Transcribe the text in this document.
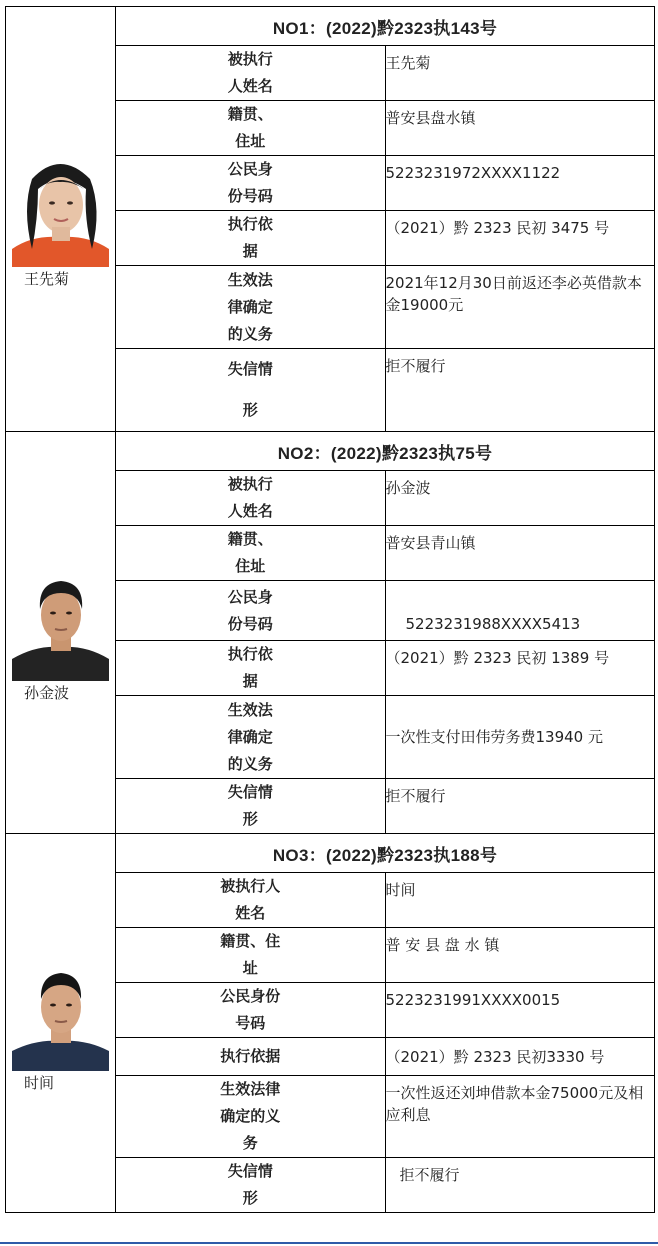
王先菊	NO1：(2022)黔2323执143号	
	被执行
人姓名	王先菊
	籍贯、
住址	普安县盘水镇
	公民身
份号码	5223231972XXXX1122
	执行依
据	（2021）黔 2323 民初 3475 号
	生效法
律确定
的义务	2021年12月30日前返还李必英借款本金19000元
	失信情
形	拒不履行

孙金波	NO2：(2022)黔2323执75号	
	被执行
人姓名	孙金波
	籍贯、
住址	普安县青山镇
	公民身
份号码	5223231988XXXX5413
	执行依
据	（2021）黔 2323 民初 1389 号
	生效法
律确定
的义务	一次性支付田伟劳务费13940 元
	失信情
形	拒不履行

时间	NO3：(2022)黔2323执188号	
	被执行人
姓名	时间
	籍贯、住
址	普 安 县 盘 水 镇
	公民身份
号码	5223231991XXXX0015
	执行依据	（2021）黔 2323 民初3330 号
	生效法律
确定的义
务	一次性返还刘坤借款本金75000元及相应利息
	失信情
形	拒不履行
